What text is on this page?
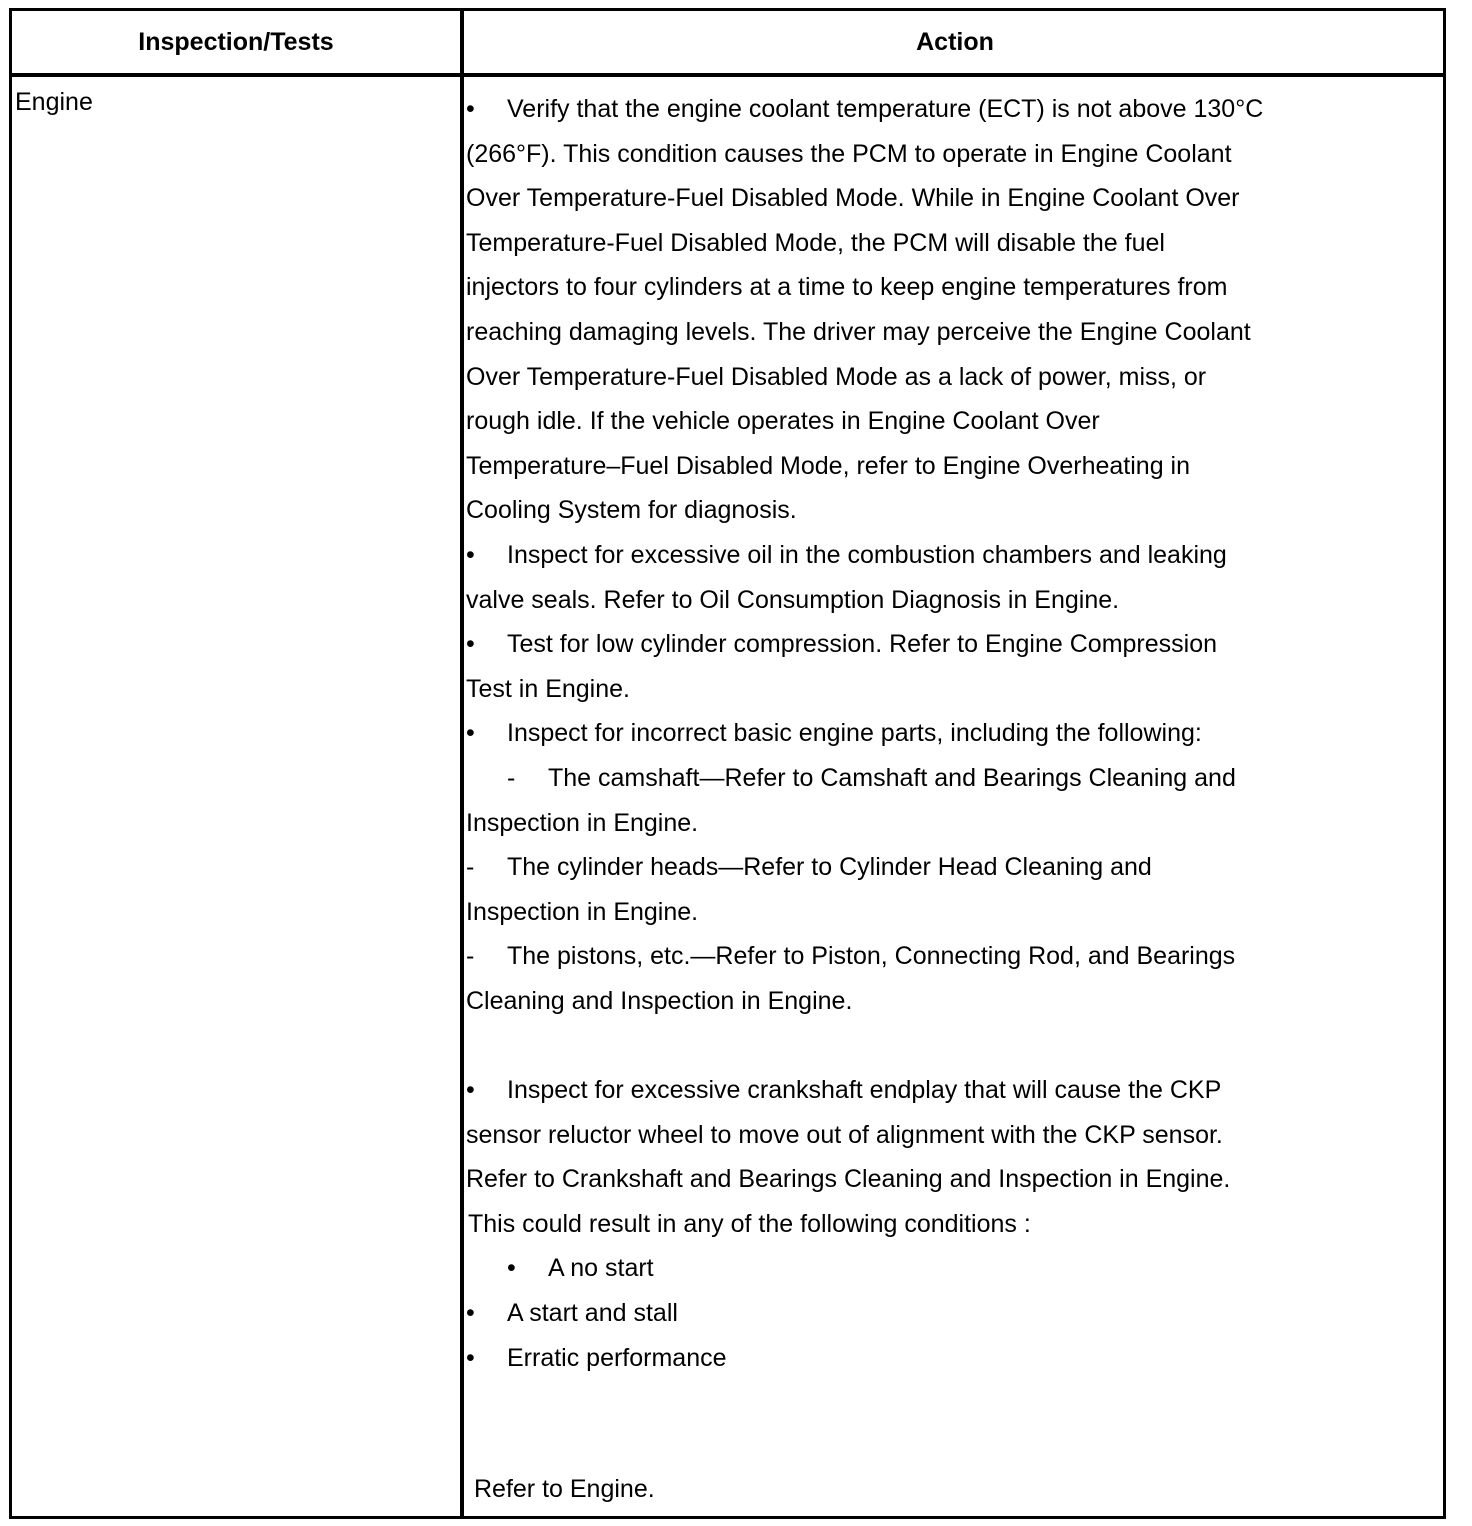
Inspection/Tests	Action
Engine	• Verify that the engine coolant temperature (ECT) is not above 130°C
(266°F). This condition causes the PCM to operate in Engine Coolant
Over Temperature-Fuel Disabled Mode. While in Engine Coolant Over
Temperature-Fuel Disabled Mode, the PCM will disable the fuel
injectors to four cylinders at a time to keep engine temperatures from
reaching damaging levels. The driver may perceive the Engine Coolant
Over Temperature-Fuel Disabled Mode as a lack of power, miss, or
rough idle. If the vehicle operates in Engine Coolant Over
Temperature–Fuel Disabled Mode, refer to Engine Overheating in
Cooling System for diagnosis.
• Inspect for excessive oil in the combustion chambers and leaking
valve seals. Refer to Oil Consumption Diagnosis in Engine.
• Test for low cylinder compression. Refer to Engine Compression
Test in Engine.
• Inspect for incorrect basic engine parts, including the following:
- The camshaft—Refer to Camshaft and Bearings Cleaning and
Inspection in Engine.
- The cylinder heads—Refer to Cylinder Head Cleaning and
Inspection in Engine.
- The pistons, etc.—Refer to Piston, Connecting Rod, and Bearings
Cleaning and Inspection in Engine.
• Inspect for excessive crankshaft endplay that will cause the CKP
sensor reluctor wheel to move out of alignment with the CKP sensor.
Refer to Crankshaft and Bearings Cleaning and Inspection in Engine.
This could result in any of the following conditions :
• A no start
• A start and stall
• Erratic performance
Refer to Engine.
